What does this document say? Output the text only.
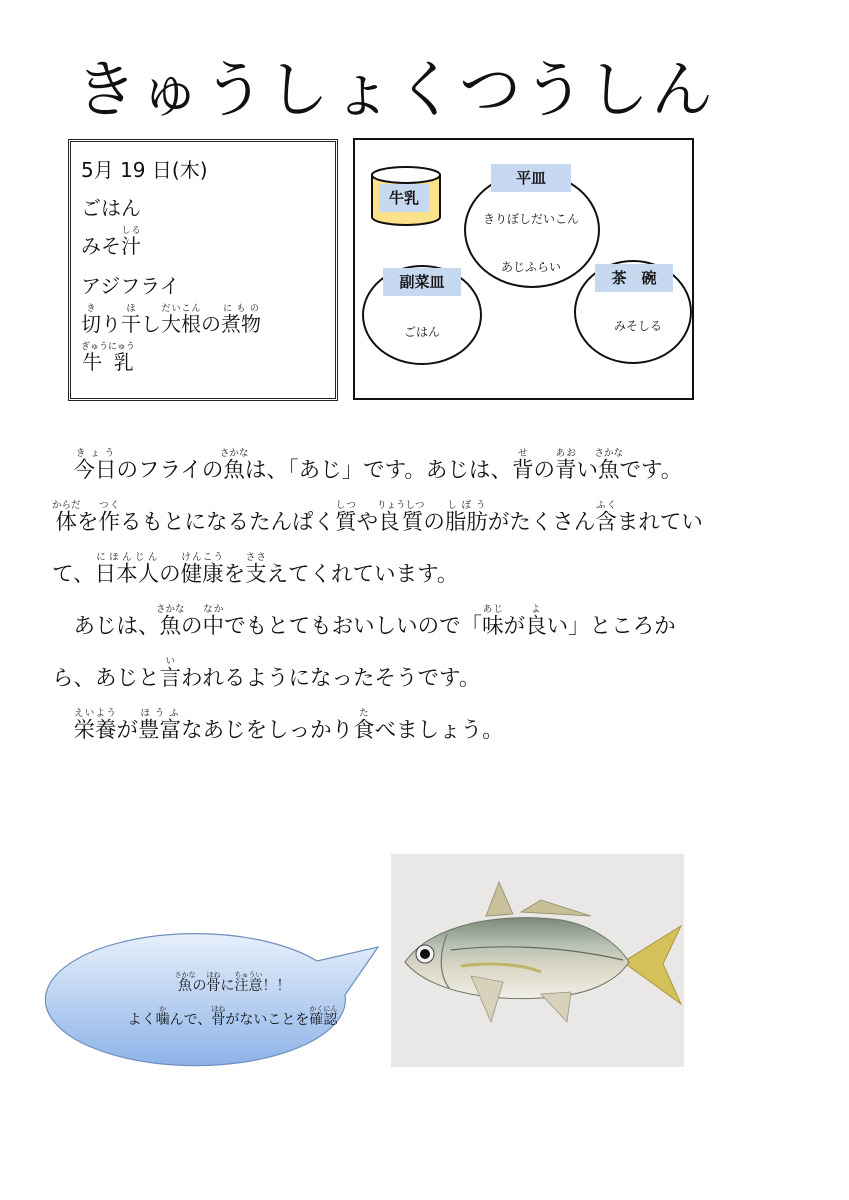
きゅうしょくつうしん
5月 19 日(木)
ごはん
みそ汁しる
アジフライ
切きり干ほし大根だいこんの煮物にもの
牛 乳ぎゅうにゅう
牛乳
平皿
きりぼしだいこん
あじふらい
副菜皿
ごはん
茶　碗
みそしる
　今日きょうのフライの魚さかなは、「あじ」です。あじは、背せの青あおい魚さかなです。
体からだを作つくるもとになるたんぱく質しつや良質りょうしつの脂肪しぼうがたくさん含ふくまれてい
て、日本人にほんじんの健康けんこうを支ささえてくれています。
　あじは、魚さかなの中なかでもとてもおいしいので「味あじが良よい」ところか
ら、あじと言いわれるようになったそうです。
　栄養えいようが豊富ほうふなあじをしっかり食たべましょう。
魚さかなの骨ほねに注意ちゅうい！！
よく噛かんで、骨ほねがないことを確認かくにん
